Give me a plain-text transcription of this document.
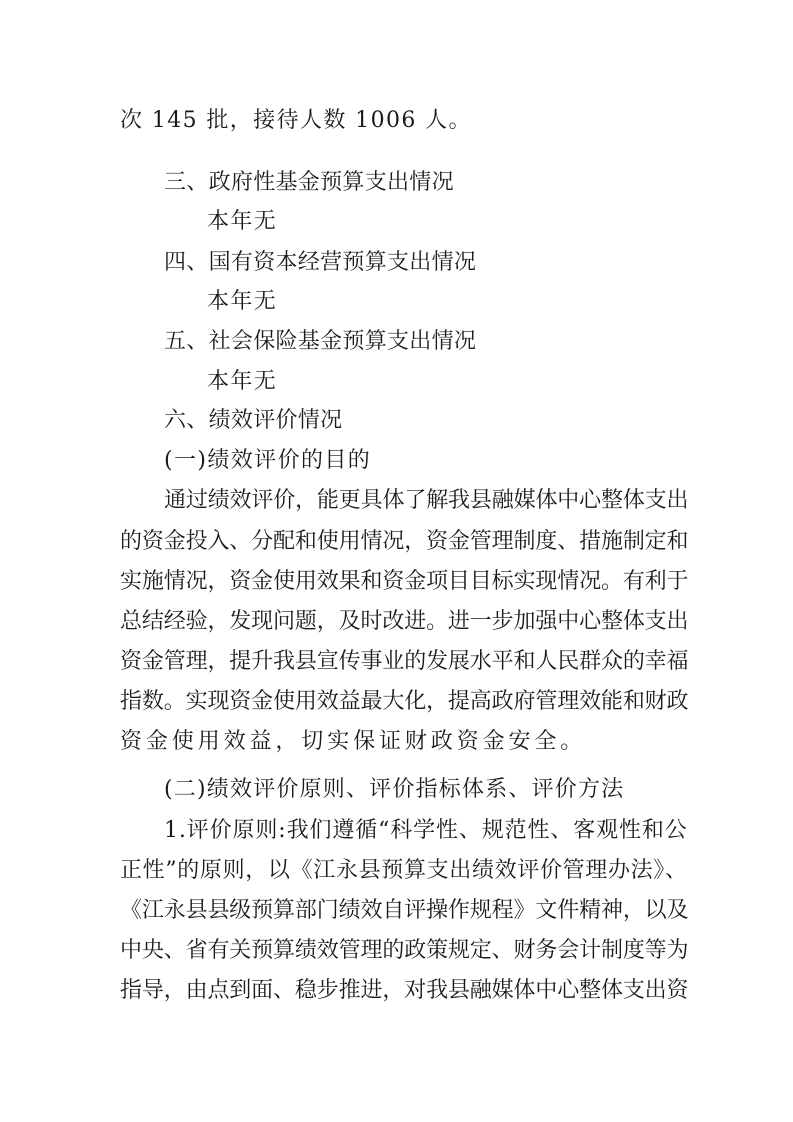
次 145 批，接待人数 1006 人。
三、政府性基金预算支出情况
本年无
四、国有资本经营预算支出情况
本年无
五、社会保险基金预算支出情况
本年无
六、绩效评价情况
(一)绩效评价的目的
通过绩效评价，能更具体了解我县融媒体中心整体支出
的资金投入、分配和使用情况，资金管理制度、措施制定和
实施情况，资金使用效果和资金项目目标实现情况。有利于
总结经验，发现问题，及时改进。进一步加强中心整体支出
资金管理，提升我县宣传事业的发展水平和人民群众的幸福
指数。实现资金使用效益最大化，提高政府管理效能和财政
资金使用效益，切实保证财政资金安全。
(二)绩效评价原则、评价指标体系、评价方法
1.评价原则:我们遵循“科学性、规范性、客观性和公
正性”的原则，以《江永县预算支出绩效评价管理办法》、
《江永县县级预算部门绩效自评操作规程》文件精神，以及
中央、省有关预算绩效管理的政策规定、财务会计制度等为
指导，由点到面、稳步推进，对我县融媒体中心整体支出资
